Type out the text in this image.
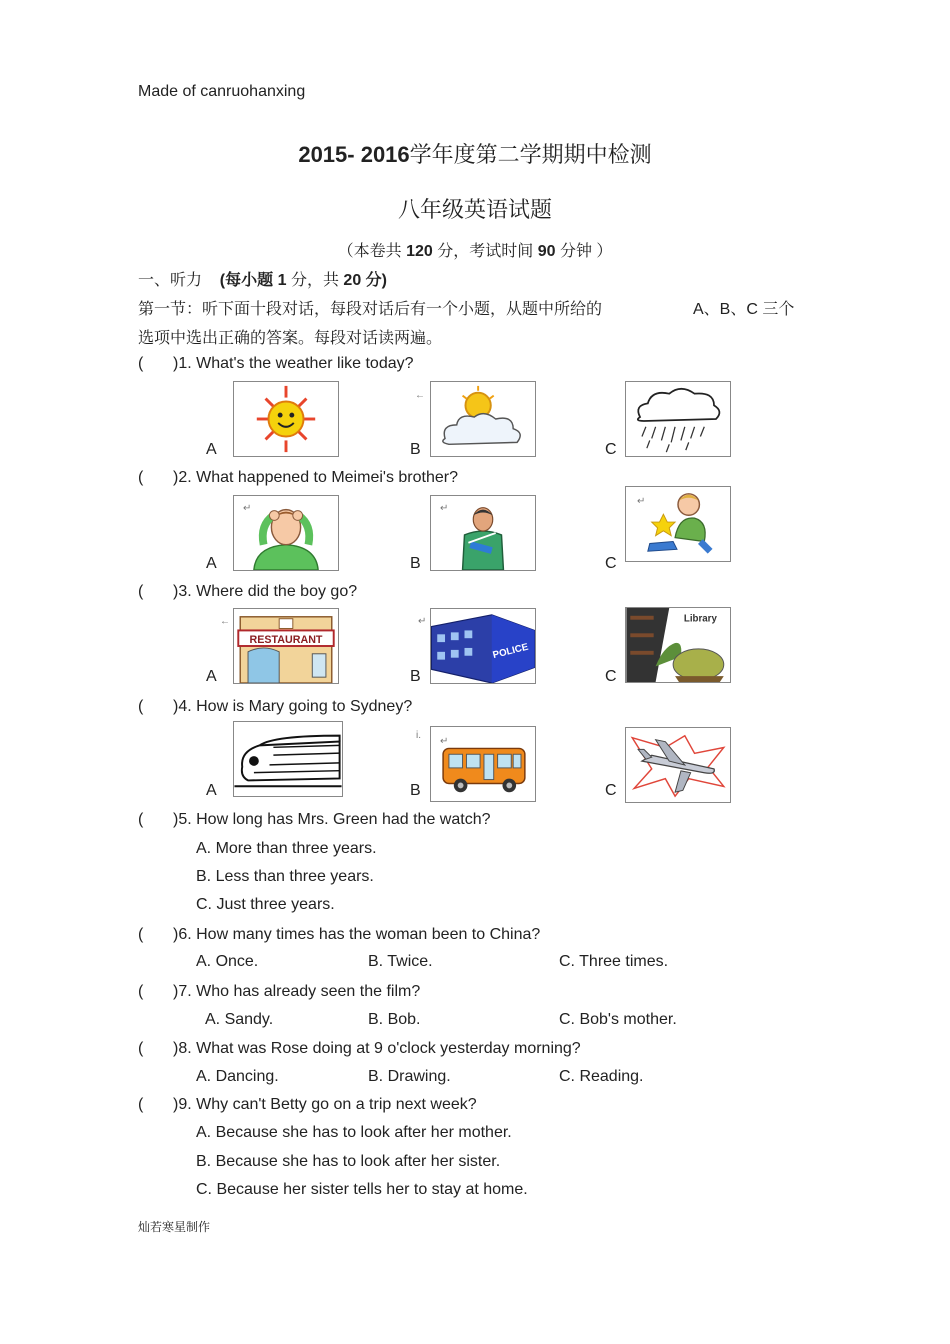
Made of canruohanxing
2015- 2016学年度第二学期期中检测
八年级英语试题
（本卷共 120 分，考试时间 90 分钟 ）
一、听力 (每小题 1 分，共 20 分)
第一节：听下面十段对话，每段对话后有一个小题，从题中所给的	A、B、C 三个
选项中选出正确的答案。每段对话读两遍。
( )1. What's the weather like today?
A	B	C
←
( )2. What happened to Meimei's brother?
A	B	C
↵	↵
↵
( )3. Where did the boy go?
A	B	C
←
RESTAURANT
↵
POLICE
Library
( )4. How is Mary going to Sydney?
A	B	C
i.
↵
( )5. How long has Mrs. Green had the watch?
A. More than three years.
B. Less than three years.
C. Just three years.
( )6. How many times has the woman been to China?
A. Once.	B. Twice.	C. Three times.
( )7. Who has already seen the film?
A. Sandy.	B. Bob.	C. Bob's mother.
( )8. What was Rose doing at 9 o'clock yesterday morning?
A. Dancing.	B. Drawing.	C. Reading.
( )9. Why can't Betty go on a trip next week?
A. Because she has to look after her mother.
B. Because she has to look after her sister.
C. Because her sister tells her to stay at home.
灿若寒星制作
